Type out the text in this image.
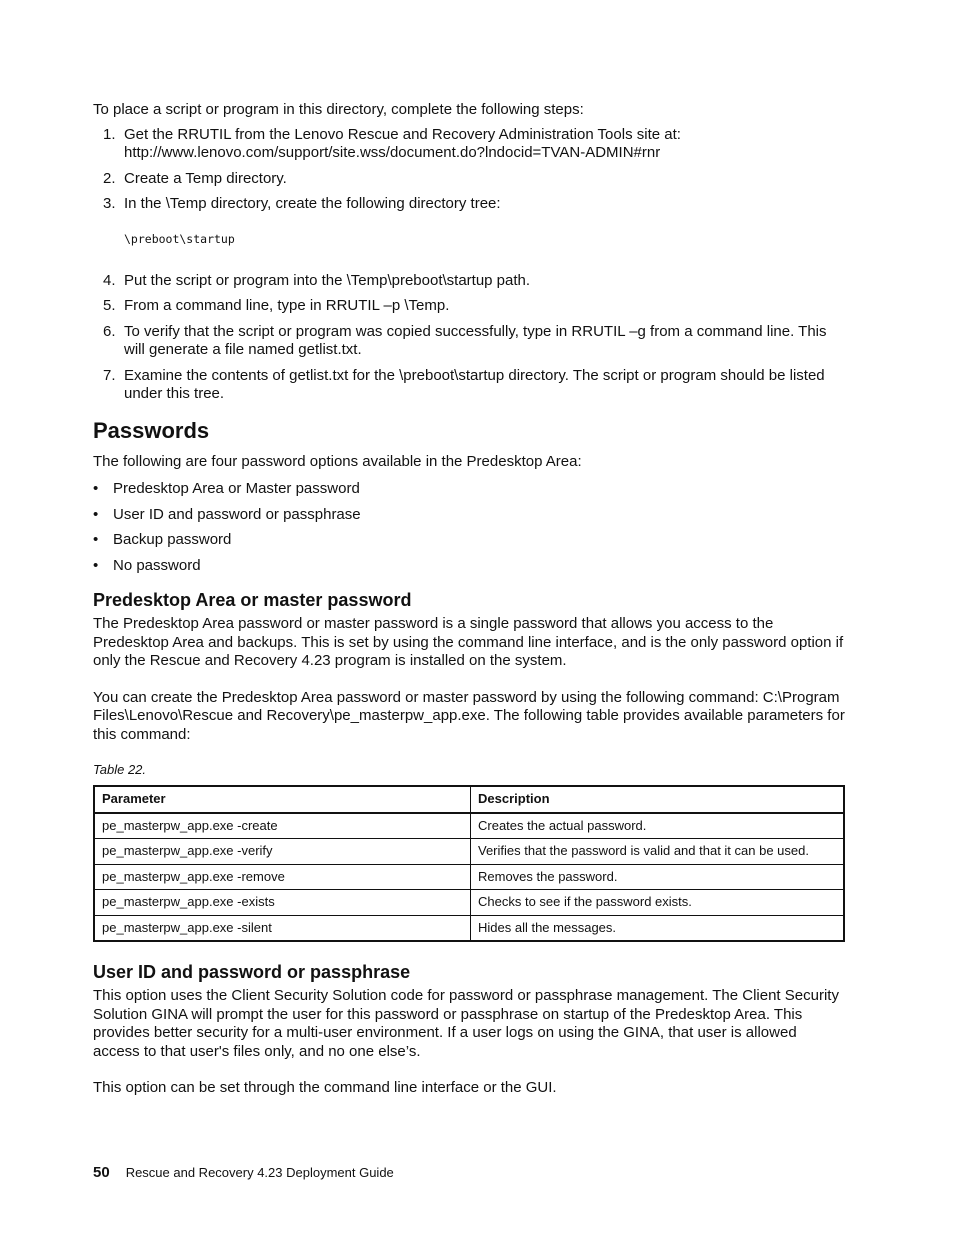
To place a script or program in this directory, complete the following steps:

1. Get the RRUTIL from the Lenovo Rescue and Recovery Administration Tools site at: http://www.lenovo.com/support/site.wss/document.do?lndocid=TVAN-ADMIN#rnr
2. Create a Temp directory.
3. In the \Temp directory, create the following directory tree:
\preboot\startup
4. Put the script or program into the \Temp\preboot\startup path.
5. From a command line, type in RRUTIL –p \Temp.
6. To verify that the script or program was copied successfully, type in RRUTIL –g from a command line. This will generate a file named getlist.txt.
7. Examine the contents of getlist.txt for the \preboot\startup directory. The script or program should be listed under this tree.
Passwords

The following are four password options available in the Predesktop Area:

• Predesktop Area or Master password
• User ID and password or passphrase
• Backup password
• No password
Predesktop Area or master password

The Predesktop Area password or master password is a single password that allows you access to the Predesktop Area and backups. This is set by using the command line interface, and is the only password option if only the Rescue and Recovery 4.23 program is installed on the system.

You can create the Predesktop Area password or master password by using the following command: C:\Program Files\Lenovo\Rescue and Recovery\pe_masterpw_app.exe. The following table provides available parameters for this command:

Table 22.
Parameter	Description
pe_masterpw_app.exe -create	Creates the actual password.
pe_masterpw_app.exe -verify	Verifies that the password is valid and that it can be used.
pe_masterpw_app.exe -remove	Removes the password.
pe_masterpw_app.exe -exists	Checks to see if the password exists.
pe_masterpw_app.exe -silent	Hides all the messages.
User ID and password or passphrase

This option uses the Client Security Solution code for password or passphrase management. The Client Security Solution GINA will prompt the user for this password or passphrase on startup of the Predesktop Area. This provides better security for a multi-user environment. If a user logs on using the GINA, that user is allowed access to that user's files only, and no one else’s.

This option can be set through the command line interface or the GUI.

50 Rescue and Recovery 4.23 Deployment Guide
